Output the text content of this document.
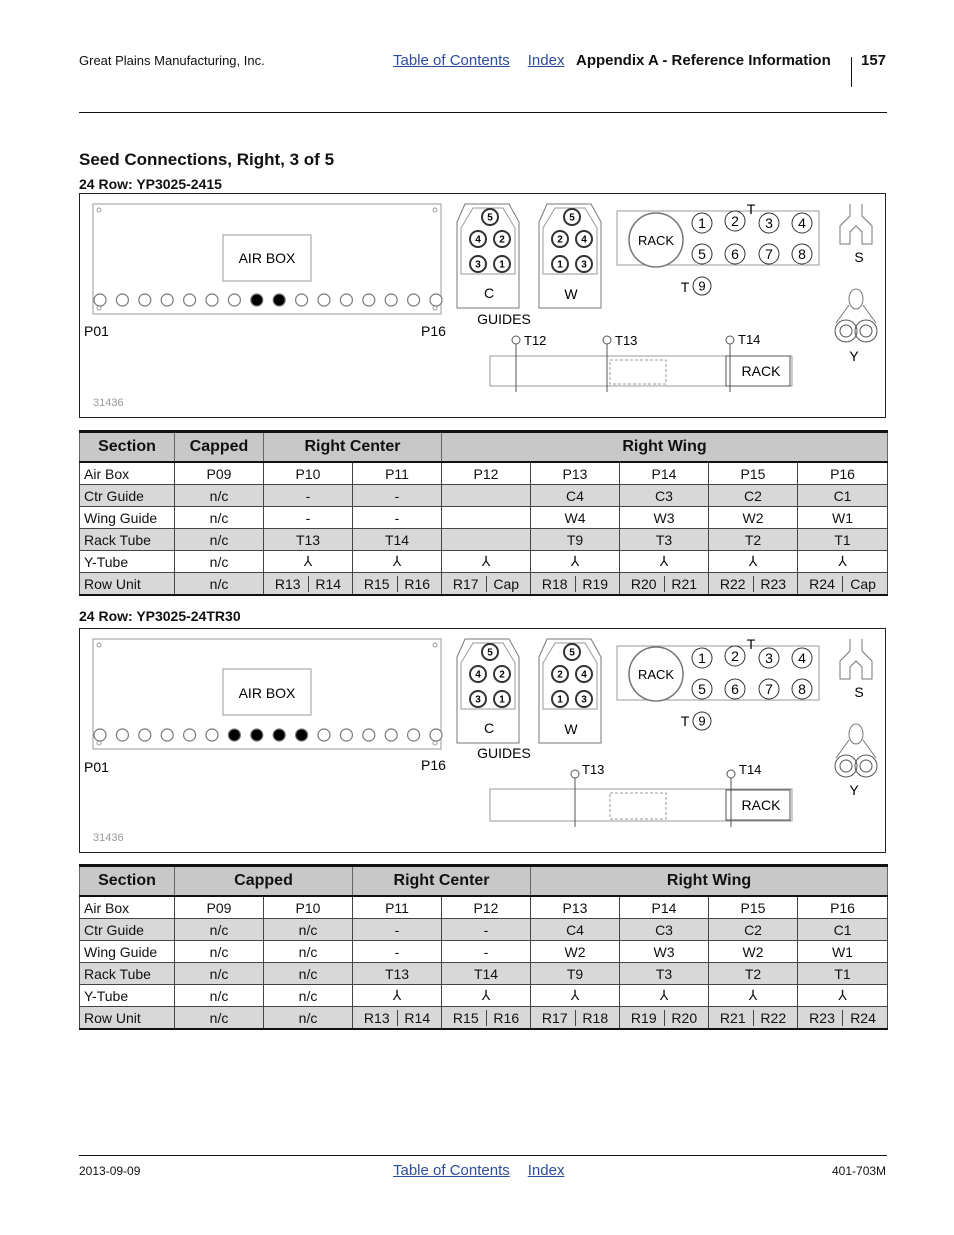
Great Plains Manufacturing, Inc.	Table of Contents Index Appendix A - Reference Information 157
Seed Connections, Right, 3 of 5
24 Row: YP3025-2415
AIR BOX
P01	P16
C	W
GUIDES
RACK
T
S
Y
RACK
T12	T13	T14
31436
5
4 2
3 1
5
2 4
1 3
1 2 3 4
5 6 7 8
T 9
Section	Capped	Right Center		Right Wing				
Air Box	P09	P10	P11	P12	P13	P14	P15	P16
Ctr Guide	n/c	-	-		C4	C3	C2	C1
Wing Guide	n/c	-	-		W4	W3	W2	W1
Rack Tube	n/c	T13	T14		T9	T3	T2	T1
Y-Tube	n/c	⅄	⅄	⅄	⅄	⅄	⅄	⅄
Row Unit	n/c	R13 R14	R15 R16	R17 Cap	R18 R19	R20 R21	R22 R23	R24 Cap
24 Row: YP3025-24TR30
AIR BOX
P01	P16
C	W
GUIDES
RACK
T
S
Y
RACK
T13	T14
31436
5
4 2
3 1
5
2 4
1 3
1 2 3 4
5 6 7 8
T 9
Section	Capped		Right Center		Right Wing			
Air Box	P09	P10	P11	P12	P13	P14	P15	P16
Ctr Guide	n/c	n/c	-	-	C4	C3	C2	C1
Wing Guide	n/c	n/c	-	-	W2	W3	W2	W1
Rack Tube	n/c	n/c	T13	T14	T9	T3	T2	T1
Y-Tube	n/c	n/c	⅄	⅄	⅄	⅄	⅄	⅄
Row Unit	n/c	n/c	R13 R14	R15 R16	R17 R18	R19 R20	R21 R22	R23 R24
2013-09-09	Table of Contents Index	401-703M
